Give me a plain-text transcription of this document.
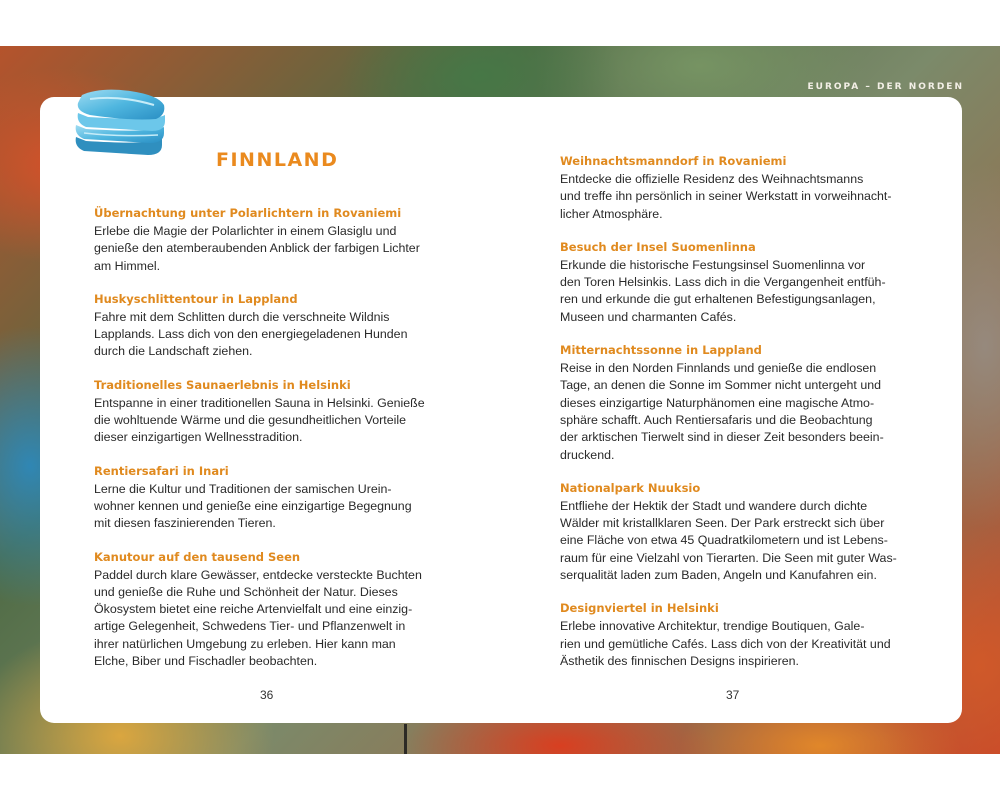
EUROPA – DER NORDEN
FINNLAND

Übernachtung unter Polarlichtern in Rovaniemi

Erlebe die Magie der Polarlichter in einem Glasiglu und
genieße den atemberaubenden Anblick der farbigen Lichter
am Himmel.

Huskyschlittentour in Lappland

Fahre mit dem Schlitten durch die verschneite Wildnis
Lapplands. Lass dich von den energiegeladenen Hunden
durch die Landschaft ziehen.

Traditionelles Saunaerlebnis in Helsinki

Entspanne in einer traditionellen Sauna in Helsinki. Genieße
die wohltuende Wärme und die gesundheitlichen Vorteile
dieser einzigartigen Wellnesstradition.

Rentiersafari in Inari

Lerne die Kultur und Traditionen der samischen Urein-
wohner kennen und genieße eine einzigartige Begegnung
mit diesen faszinierenden Tieren.

Kanutour auf den tausend Seen

Paddel durch klare Gewässer, entdecke versteckte Buchten
und genieße die Ruhe und Schönheit der Natur. Dieses
Ökosystem bietet eine reiche Artenvielfalt und eine einzig-
artige Gelegenheit, Schwedens Tier- und Pflanzenwelt in
ihrer natürlichen Umgebung zu erleben. Hier kann man
Elche, Biber und Fischadler beobachten.

Weihnachtsmanndorf in Rovaniemi

Entdecke die offizielle Residenz des Weihnachtsmanns
und treffe ihn persönlich in seiner Werkstatt in vorweihnacht-
licher Atmosphäre.

Besuch der Insel Suomenlinna

Erkunde die historische Festungsinsel Suomenlinna vor
den Toren Helsinkis. Lass dich in die Vergangenheit entfüh-
ren und erkunde die gut erhaltenen Befestigungsanlagen,
Museen und charmanten Cafés.

Mitternachtssonne in Lappland

Reise in den Norden Finnlands und genieße die endlosen
Tage, an denen die Sonne im Sommer nicht untergeht und
dieses einzigartige Naturphänomen eine magische Atmo-
sphäre schafft. Auch Rentiersafaris und die Beobachtung
der arktischen Tierwelt sind in dieser Zeit besonders beein-
druckend.

Nationalpark Nuuksio

Entfliehe der Hektik der Stadt und wandere durch dichte
Wälder mit kristallklaren Seen. Der Park erstreckt sich über
eine Fläche von etwa 45 Quadratkilometern und ist Lebens-
raum für eine Vielzahl von Tierarten. Die Seen mit guter Was-
serqualität laden zum Baden, Angeln und Kanufahren ein.

Designviertel in Helsinki

Erlebe innovative Architektur, trendige Boutiquen, Gale-
rien und gemütliche Cafés. Lass dich von der Kreativität und
Ästhetik des finnischen Designs inspirieren.

36	37
